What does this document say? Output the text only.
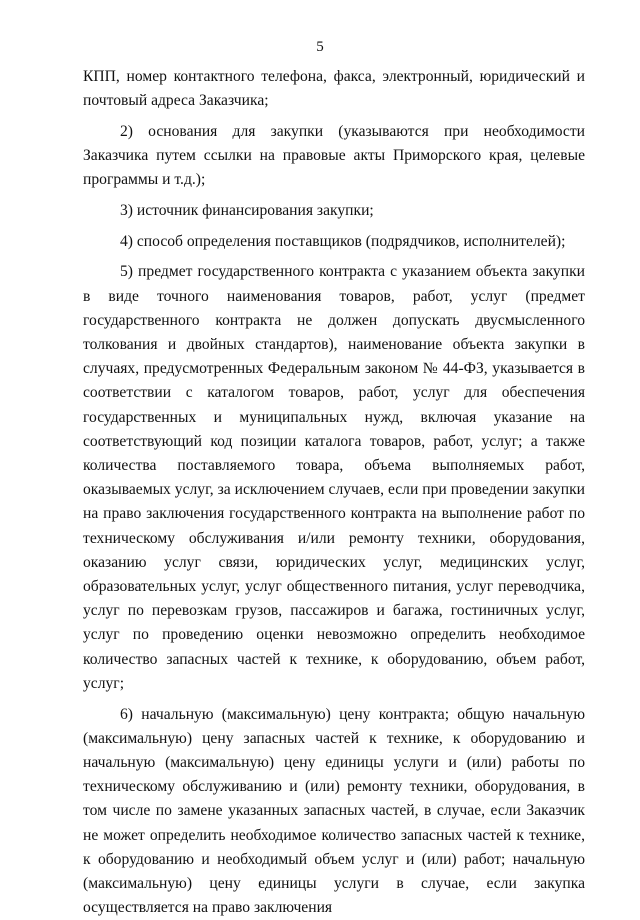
5

КПП, номер контактного телефона, факса, электронный, юридический и почтовый адреса Заказчика;

2) основания для закупки (указываются при необходимости Заказчика путем ссылки на правовые акты Приморского края, целевые программы и т.д.);

3) источник финансирования закупки;

4) способ определения поставщиков (подрядчиков, исполнителей);

5) предмет государственного контракта с указанием объекта закупки в виде точного наименования товаров, работ, услуг (предмет государственного контракта не должен допускать двусмысленного толкования и двойных стандартов), наименование объекта закупки в случаях, предусмотренных Федеральным законом № 44-ФЗ, указывается в соответствии с каталогом товаров, работ, услуг для обеспечения государственных и муниципальных нужд, включая указание на соответствующий код позиции каталога товаров, работ, услуг; а также количества поставляемого товара, объема выполняемых работ, оказываемых услуг, за исключением случаев, если при проведении закупки на право заключения государственного контракта на выполнение работ по техническому обслуживания и/или ремонту техники, оборудования, оказанию услуг связи, юридических услуг, медицинских услуг, образовательных услуг, услуг общественного питания, услуг переводчика, услуг по перевозкам грузов, пассажиров и багажа, гостиничных услуг, услуг по проведению оценки невозможно определить необходимое количество запасных частей к технике, к оборудованию, объем работ, услуг;

6) начальную (максимальную) цену контракта; общую начальную (максимальную) цену запасных частей к технике, к оборудованию и начальную (максимальную) цену единицы услуги и (или) работы по техническому обслуживанию и (или) ремонту техники, оборудования, в том числе по замене указанных запасных частей, в случае, если Заказчик не может определить необходимое количество запасных частей к технике, к оборудованию и необходимый объем услуг и (или) работ; начальную (максимальную) цену единицы услуги в случае, если закупка осуществляется на право заключения
